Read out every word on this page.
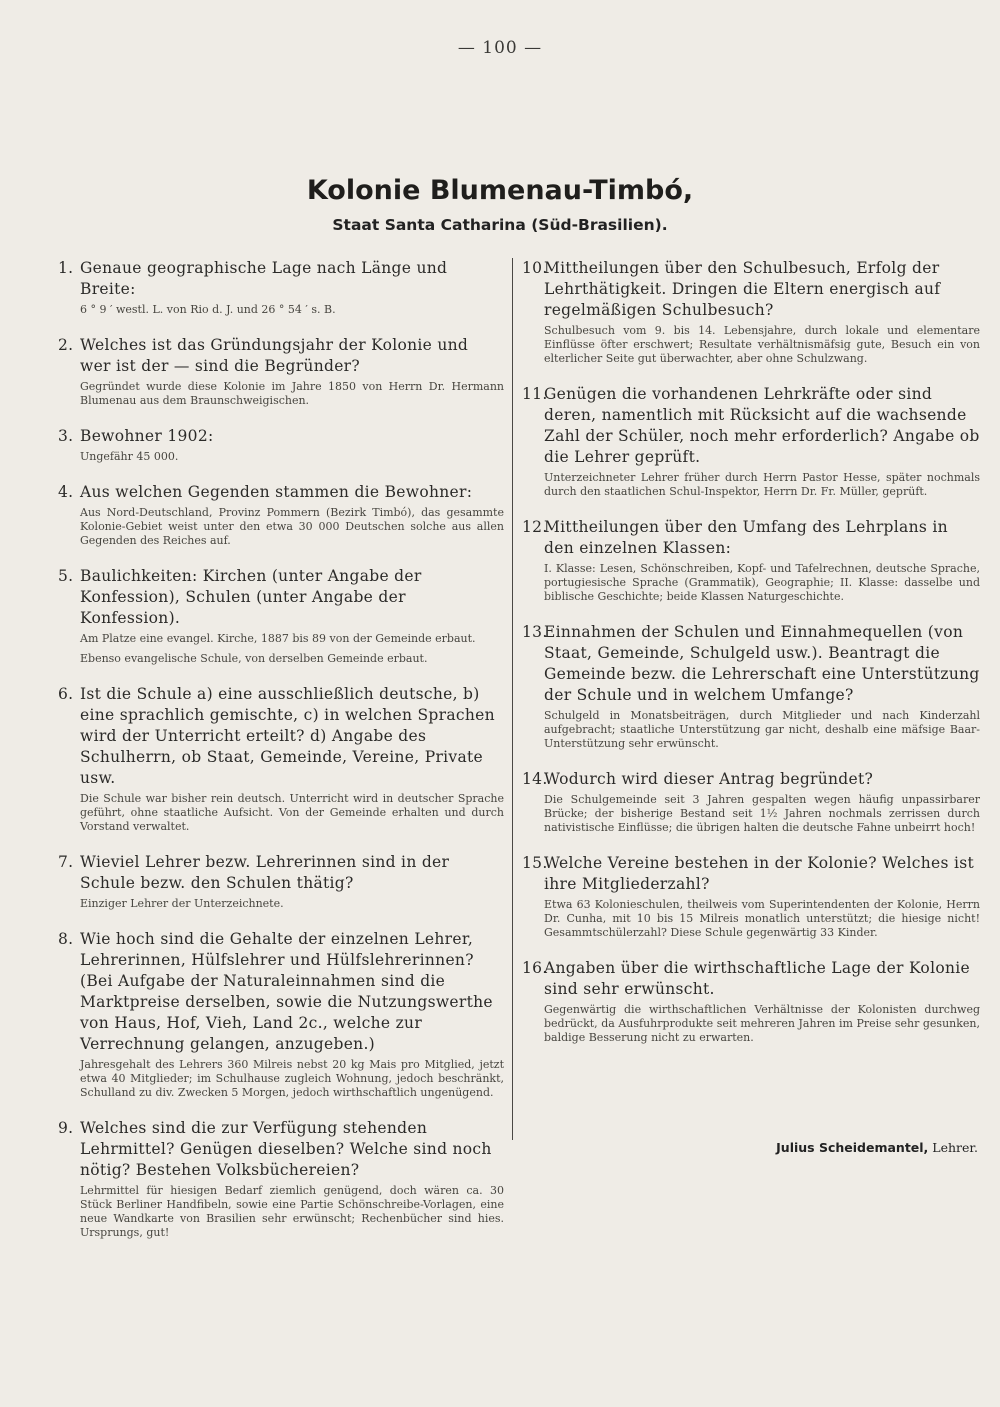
— 100 —
Kolonie Blumenau-Timbó,
Staat Santa Catharina (Süd-Brasilien).
1. Genaue geographische Lage nach Länge und Breite:
6 ° 9 ′ westl. L. von Rio d. J. und 26 ° 54 ′ s. B.
2. Welches ist das Gründungsjahr der Kolonie und wer ist der — sind die Begründer?
Gegründet wurde diese Kolonie im Jahre 1850 von Herrn Dr. Hermann Blumenau aus dem Braunschweigischen.
3. Bewohner 1902:
Ungefähr 45 000.
4. Aus welchen Gegenden stammen die Bewohner:
Aus Nord-Deutschland, Provinz Pommern (Bezirk Timbó), das gesammte Kolonie-Gebiet weist unter den etwa 30 000 Deutschen solche aus allen Gegenden des Reiches auf.
5. Baulichkeiten: Kirchen (unter Angabe der Konfession), Schulen (unter Angabe der Konfession).
Am Platze eine evangel. Kirche, 1887 bis 89 von der Gemeinde erbaut.
Ebenso evangelische Schule, von derselben Gemeinde erbaut.
6. Ist die Schule a) eine ausschließlich deutsche, b) eine sprachlich gemischte, c) in welchen Sprachen wird der Unterricht erteilt? d) Angabe des Schulherrn, ob Staat, Gemeinde, Vereine, Private usw.
Die Schule war bisher rein deutsch. Unterricht wird in deutscher Sprache geführt, ohne staatliche Aufsicht. Von der Gemeinde erhalten und durch Vorstand verwaltet.
7. Wieviel Lehrer bezw. Lehrerinnen sind in der Schule bezw. den Schulen thätig?
Einziger Lehrer der Unterzeichnete.
8. Wie hoch sind die Gehalte der einzelnen Lehrer, Lehrerinnen, Hülfslehrer und Hülfslehrerinnen? (Bei Aufgabe der Naturaleinnahmen sind die Marktpreise derselben, sowie die Nutzungswerthe von Haus, Hof, Vieh, Land 2c., welche zur Verrechnung gelangen, anzugeben.)
Jahresgehalt des Lehrers 360 Milreis nebst 20 kg Mais pro Mitglied, jetzt etwa 40 Mitglieder; im Schulhause zugleich Wohnung, jedoch beschränkt, Schulland zu div. Zwecken 5 Morgen, jedoch wirthschaftlich ungenügend.
9. Welches sind die zur Verfügung stehenden Lehrmittel? Genügen dieselben? Welche sind noch nötig? Bestehen Volksbüchereien?
Lehrmittel für hiesigen Bedarf ziemlich genügend, doch wären ca. 30 Stück Berliner Handfibeln, sowie eine Partie Schönschreibe-Vorlagen, eine neue Wandkarte von Brasilien sehr erwünscht; Rechenbücher sind hies. Ursprungs, gut!
10.Mittheilungen über den Schulbesuch, Erfolg der Lehrthätigkeit. Dringen die Eltern energisch auf regelmäßigen Schulbesuch?
Schulbesuch vom 9. bis 14. Lebensjahre, durch lokale und elementare Einflüsse öfter erschwert; Resultate verhältnismäfsig gute, Besuch ein von elterlicher Seite gut überwachter, aber ohne Schulzwang.
11.Genügen die vorhandenen Lehrkräfte oder sind deren, namentlich mit Rücksicht auf die wachsende Zahl der Schüler, noch mehr erforderlich? Angabe ob die Lehrer geprüft.
Unterzeichneter Lehrer früher durch Herrn Pastor Hesse, später nochmals durch den staatlichen Schul-Inspektor, Herrn Dr. Fr. Müller, geprüft.
12.Mittheilungen über den Umfang des Lehrplans in den einzelnen Klassen:
I. Klasse: Lesen, Schönschreiben, Kopf- und Tafelrechnen, deutsche Sprache, portugiesische Sprache (Grammatik), Geographie; II. Klasse: dasselbe und biblische Geschichte; beide Klassen Naturgeschichte.
13.Einnahmen der Schulen und Einnahmequellen (von Staat, Gemeinde, Schulgeld usw.). Beantragt die Gemeinde bezw. die Lehrerschaft eine Unterstützung der Schule und in welchem Umfange?
Schulgeld in Monatsbeiträgen, durch Mitglieder und nach Kinderzahl aufgebracht; staatliche Unterstützung gar nicht, deshalb eine mäfsige Baar-Unterstützung sehr erwünscht.
14.Wodurch wird dieser Antrag begründet?
Die Schulgemeinde seit 3 Jahren gespalten wegen häufig unpassirbarer Brücke; der bisherige Bestand seit 1½ Jahren nochmals zerrissen durch nativistische Einflüsse; die übrigen halten die deutsche Fahne unbeirrt hoch!
15.Welche Vereine bestehen in der Kolonie? Welches ist ihre Mitgliederzahl?
Etwa 63 Kolonieschulen, theilweis vom Superintendenten der Kolonie, Herrn Dr. Cunha, mit 10 bis 15 Milreis monatlich unterstützt; die hiesige nicht! Gesammtschülerzahl? Diese Schule gegenwärtig 33 Kinder.
16.Angaben über die wirthschaftliche Lage der Kolonie sind sehr erwünscht.
Gegenwärtig die wirthschaftlichen Verhältnisse der Kolonisten durchweg bedrückt, da Ausfuhrprodukte seit mehreren Jahren im Preise sehr gesunken, baldige Besserung nicht zu erwarten.
Julius Scheidemantel, Lehrer.
